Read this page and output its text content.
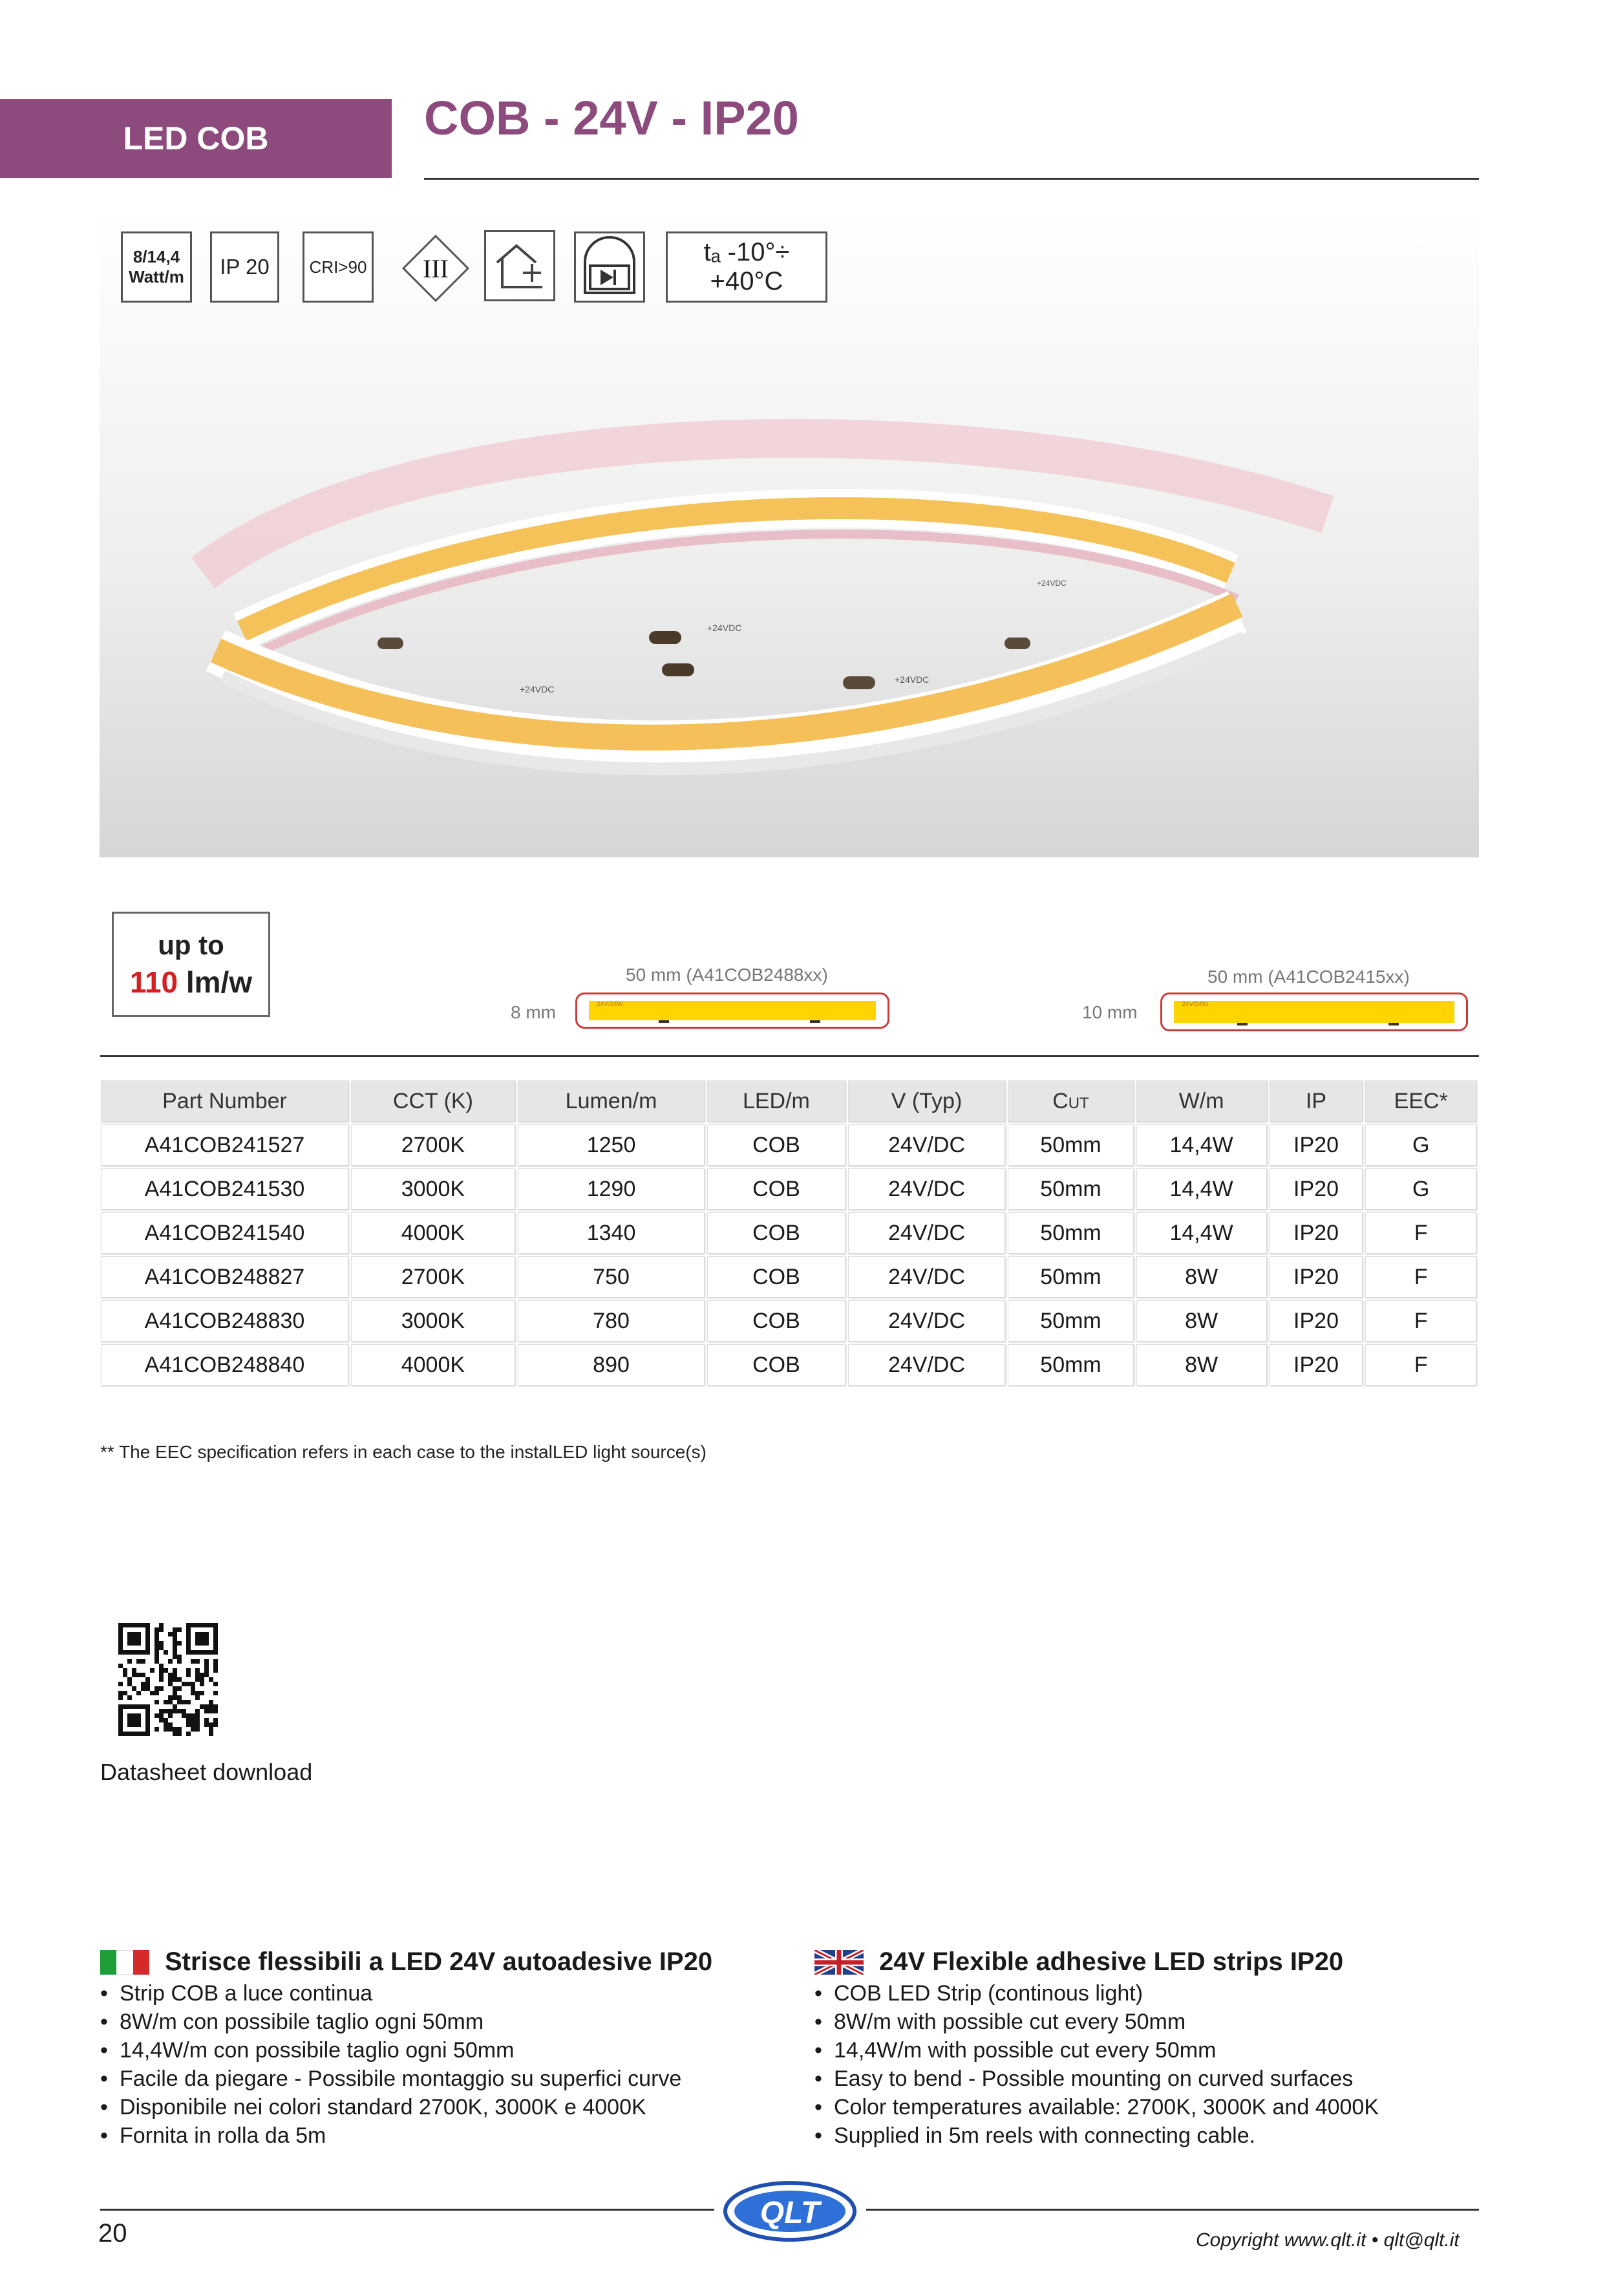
LED COB	COB - 24V - IP20
+24VDC
+24VDC
+24VDC
+24VDC
8/14,4
Watt/m IP 20 CRI>90	III
tₐ -10°÷ +40°C
up to
110 lm/w	50 mm (A41COB2488xx)
8 mm	24V/24W
50 mm (A41COB2415xx)
10 mm	24V/24W
Part Number	CCT (K)	Lumen/m	LED/m	V (Typ)	Cut	W/m	IP	EEC*
A41COB241527	2700K	1250	COB	24V/DC	50mm	14,4W	IP20	G
A41COB241530	3000K	1290	COB	24V/DC	50mm	14,4W	IP20	G
A41COB241540	4000K	1340	COB	24V/DC	50mm	14,4W	IP20	F
A41COB248827	2700K	750	COB	24V/DC	50mm	8W	IP20	F
A41COB248830	3000K	780	COB	24V/DC	50mm	8W	IP20	F
A41COB248840	4000K	890	COB	24V/DC	50mm	8W	IP20	F
** The EEC specification refers in each case to the instalLED light source(s)
Datasheet download
Strisce flessibili a LED 24V autoadesive IP20
• Strip COB a luce continua
• 8W/m con possibile taglio ogni 50mm
• 14,4W/m con possibile taglio ogni 50mm
• Facile da piegare - Possibile montaggio su superfici curve
• Disponibile nei colori standard 2700K, 3000K e 4000K
• Fornita in rolla da 5m
24V Flexible adhesive LED strips IP20
• COB LED Strip (continous light)
• 8W/m with possible cut every 50mm
• 14,4W/m with possible cut every 50mm
• Easy to bend - Possible mounting on curved surfaces
• Color temperatures available: 2700K, 3000K and 4000K
• Supplied in 5m reels with connecting cable.
QLT
20	Copyright www.qlt.it • qlt@qlt.it
